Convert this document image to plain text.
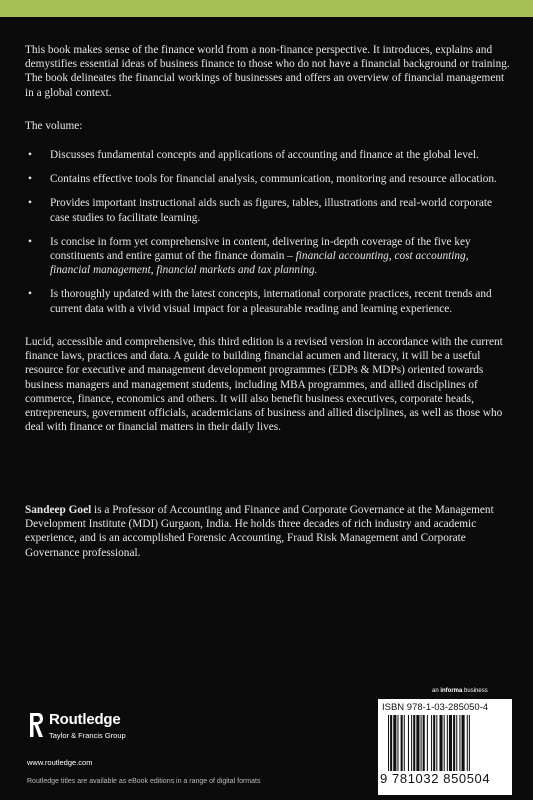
This book makes sense of the finance world from a non-finance perspective. It introduces, explains and demystifies essential ideas of business finance to those who do not have a financial background or training. The book delineates the financial workings of businesses and offers an overview of financial management in a global context.

The volume:

• Discusses fundamental concepts and applications of accounting and finance at the global level.
• Contains effective tools for financial analysis, communication, monitoring and resource allocation.
• Provides important instructional aids such as figures, tables, illustrations and real-world corporate case studies to facilitate learning.
• Is concise in form yet comprehensive in content, delivering in-depth coverage of the five key constituents and entire gamut of the finance domain – financial accounting, cost accounting, financial management, financial markets and tax planning.
• Is thoroughly updated with the latest concepts, international corporate practices, recent trends and current data with a vivid visual impact for a pleasurable reading and learning experience.

Lucid, accessible and comprehensive, this third edition is a revised version in accordance with the current finance laws, practices and data. A guide to building financial acumen and literacy, it will be a useful resource for executive and management development programmes (EDPs & MDPs) oriented towards business managers and management students, including MBA programmes, and allied disciplines of commerce, finance, economics and others. It will also benefit business executives, corporate heads, entrepreneurs, government officials, academicians of business and allied disciplines, as well as those who deal with finance or financial matters in their daily lives.

Sandeep Goel is a Professor of Accounting and Finance and Corporate Governance at the Management Development Institute (MDI) Gurgaon, India. He holds three decades of rich industry and academic experience, and is an accomplished Forensic Accounting, Fraud Risk Management and Corporate Governance professional.

an informa business
Routledge
Taylor & Francis Group
www.routledge.com
Routledge titles are available as eBook editions in a range of digital formats
ISBN 978-1-03-285050-4
9 781032 850504
